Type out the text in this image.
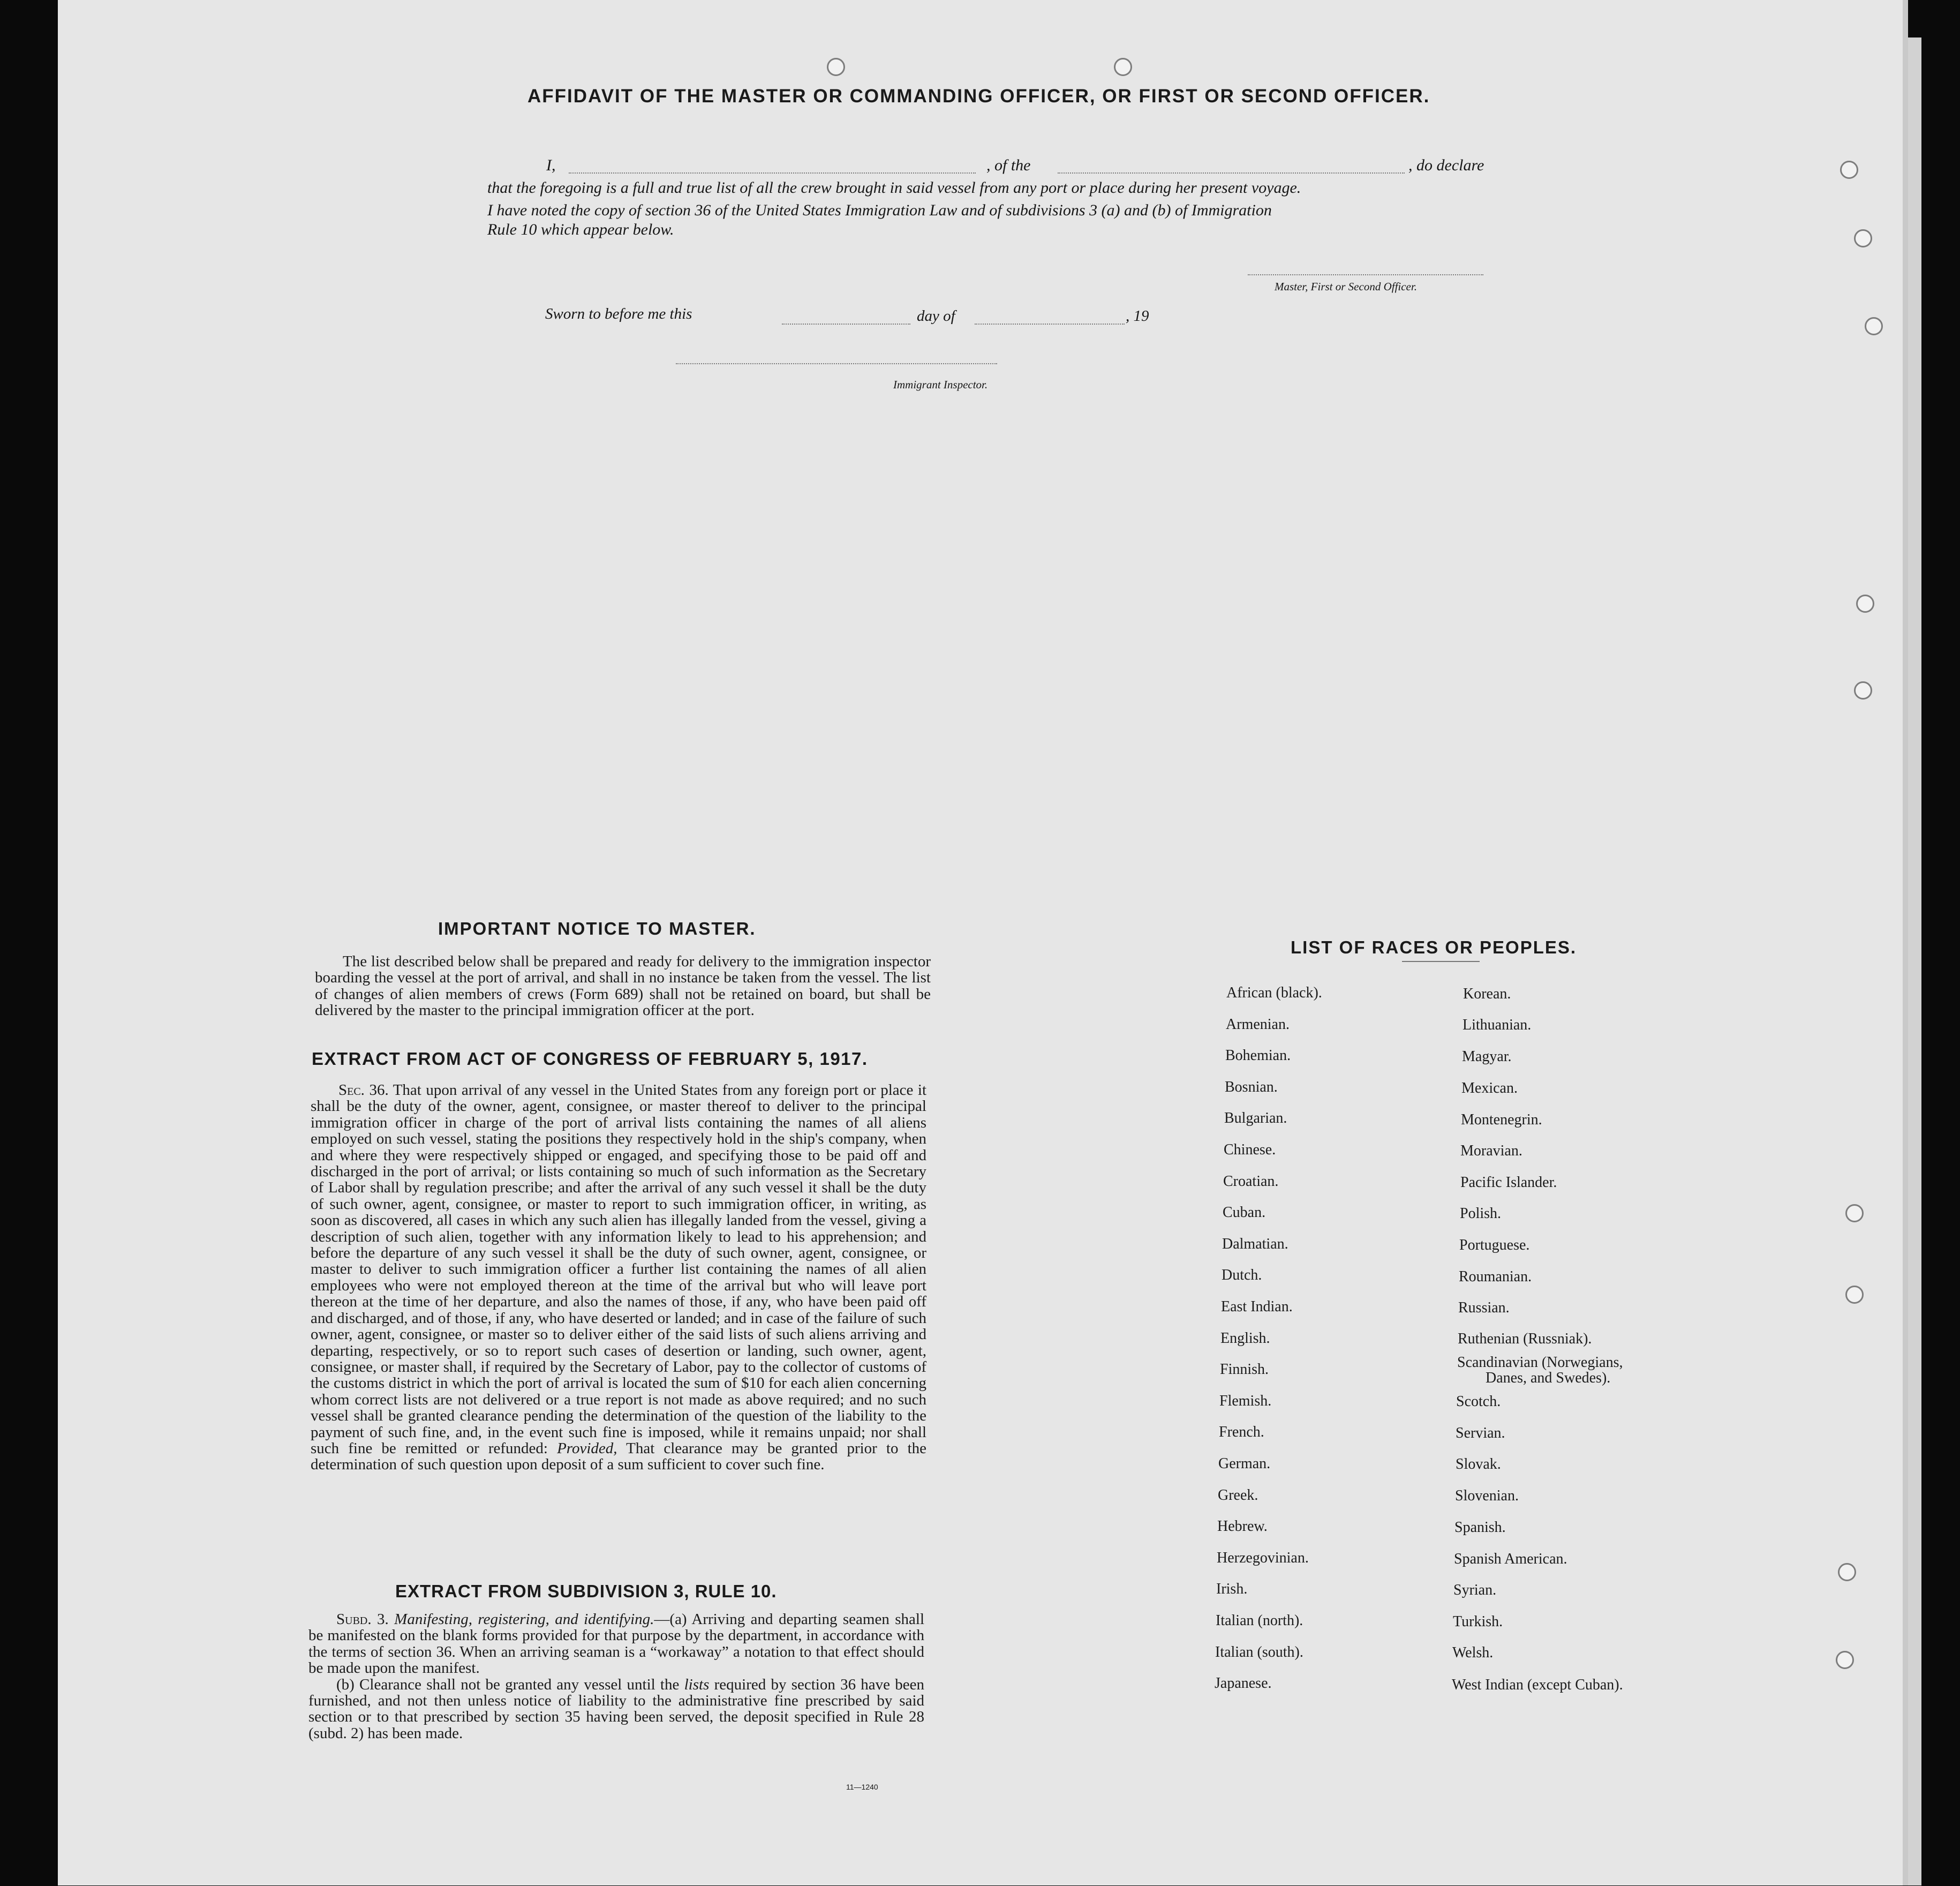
AFFIDAVIT OF THE MASTER OR COMMANDING OFFICER, OR FIRST OR SECOND OFFICER.
I,	, of the	, do declare
that the foregoing is a full and true list of all the crew brought in said vessel from any port or place during her present voyage.
I have noted the copy of section 36 of the United States Immigration Law and of subdivisions 3 (a) and (b) of Immigration
Rule 10 which appear below.
Master, First or Second Officer.
Sworn to before me this	day of	, 19
Immigrant Inspector.
IMPORTANT NOTICE TO MASTER.

The list described below shall be prepared and ready for delivery to the immigration inspector boarding the vessel at the port of arrival, and shall in no instance be taken from the vessel. The list of changes of alien members of crews (Form 689) shall not be retained on board, but shall be delivered by the master to the principal immigration officer at the port.

EXTRACT FROM ACT OF CONGRESS OF FEBRUARY 5, 1917.

Sec. 36. That upon arrival of any vessel in the United States from any foreign port or place it shall be the duty of the owner, agent, consignee, or master thereof to deliver to the principal immigration officer in charge of the port of arrival lists containing the names of all aliens employed on such vessel, stating the positions they respectively hold in the ship's company, when and where they were respectively shipped or engaged, and specifying those to be paid off and discharged in the port of arrival; or lists containing so much of such information as the Secretary of Labor shall by regulation prescribe; and after the arrival of any such vessel it shall be the duty of such owner, agent, consignee, or master to report to such immigration officer, in writing, as soon as discovered, all cases in which any such alien has illegally landed from the vessel, giving a description of such alien, together with any information likely to lead to his apprehension; and before the departure of any such vessel it shall be the duty of such owner, agent, consignee, or master to deliver to such immigration officer a further list containing the names of all alien employees who were not employed thereon at the time of the arrival but who will leave port thereon at the time of her departure, and also the names of those, if any, who have been paid off and discharged, and of those, if any, who have deserted or landed; and in case of the failure of such owner, agent, consignee, or master so to deliver either of the said lists of such aliens arriving and departing, respectively, or so to report such cases of desertion or landing, such owner, agent, consignee, or master shall, if required by the Secretary of Labor, pay to the collector of customs of the customs district in which the port of arrival is located the sum of $10 for each alien concerning whom correct lists are not delivered or a true report is not made as above required; and no such vessel shall be granted clearance pending the determination of the question of the liability to the payment of such fine, and, in the event such fine is imposed, while it remains unpaid; nor shall such fine be remitted or refunded: Provided, That clearance may be granted prior to the determination of such question upon deposit of a sum sufficient to cover such fine.

EXTRACT FROM SUBDIVISION 3, RULE 10.

Subd. 3. Manifesting, registering, and identifying.—(a) Arriving and departing seamen shall be manifested on the blank forms provided for that purpose by the department, in accordance with the terms of section 36. When an arriving seaman is a “workaway” a notation to that effect should be made upon the manifest.

(b) Clearance shall not be granted any vessel until the lists required by section 36 have been furnished, and not then unless notice of liability to the administrative fine prescribed by said section or to that prescribed by section 35 having been served, the deposit specified in Rule 28 (subd. 2) has been made.

11—1240
LIST OF RACES OR PEOPLES.
African (black).
Armenian.
Bohemian.
Bosnian.
Bulgarian.
Chinese.
Croatian.
Cuban.
Dalmatian.
Dutch.
East Indian.
English.
Finnish.
Flemish.
French.
German.
Greek.
Hebrew.
Herzegovinian.
Irish.
Italian (north).
Italian (south).
Japanese.
Korean.
Lithuanian.
Magyar.
Mexican.
Montenegrin.
Moravian.
Pacific Islander.
Polish.
Portuguese.
Roumanian.
Russian.
Ruthenian (Russniak).
Scandinavian (Norwegians,
Danes, and Swedes).
Scotch.
Servian.
Slovak.
Slovenian.
Spanish.
Spanish American.
Syrian.
Turkish.
Welsh.
West Indian (except Cuban).
